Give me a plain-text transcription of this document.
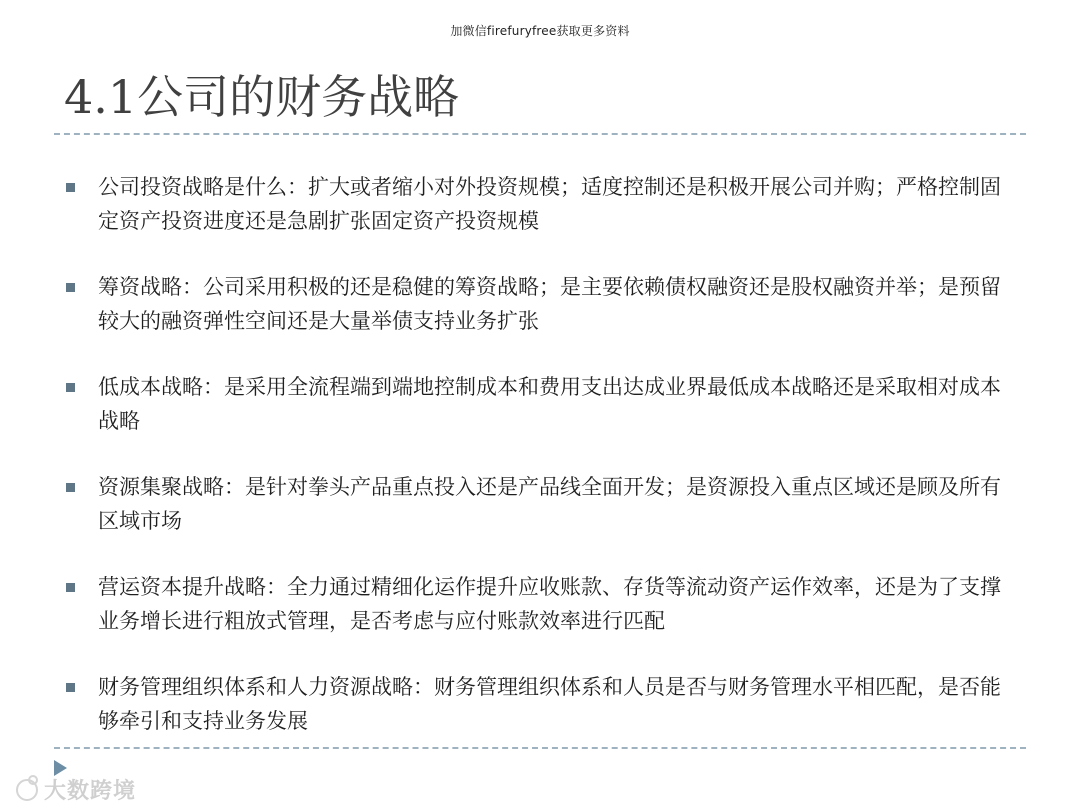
加微信firefuryfree获取更多资料
4.1公司的财务战略
公司投资战略是什么：扩大或者缩小对外投资规模；适度控制还是积极开展公司并购；严格控制固定资产投资进度还是急剧扩张固定资产投资规模
筹资战略：公司采用积极的还是稳健的筹资战略；是主要依赖债权融资还是股权融资并举；是预留较大的融资弹性空间还是大量举债支持业务扩张
低成本战略：是采用全流程端到端地控制成本和费用支出达成业界最低成本战略还是采取相对成本战略
资源集聚战略：是针对拳头产品重点投入还是产品线全面开发；是资源投入重点区域还是顾及所有区域市场
营运资本提升战略：全力通过精细化运作提升应收账款、存货等流动资产运作效率，还是为了支撑业务增长进行粗放式管理，是否考虑与应付账款效率进行匹配
财务管理组织体系和人力资源战略：财务管理组织体系和人员是否与财务管理水平相匹配，是否能够牵引和支持业务发展
大数跨境
